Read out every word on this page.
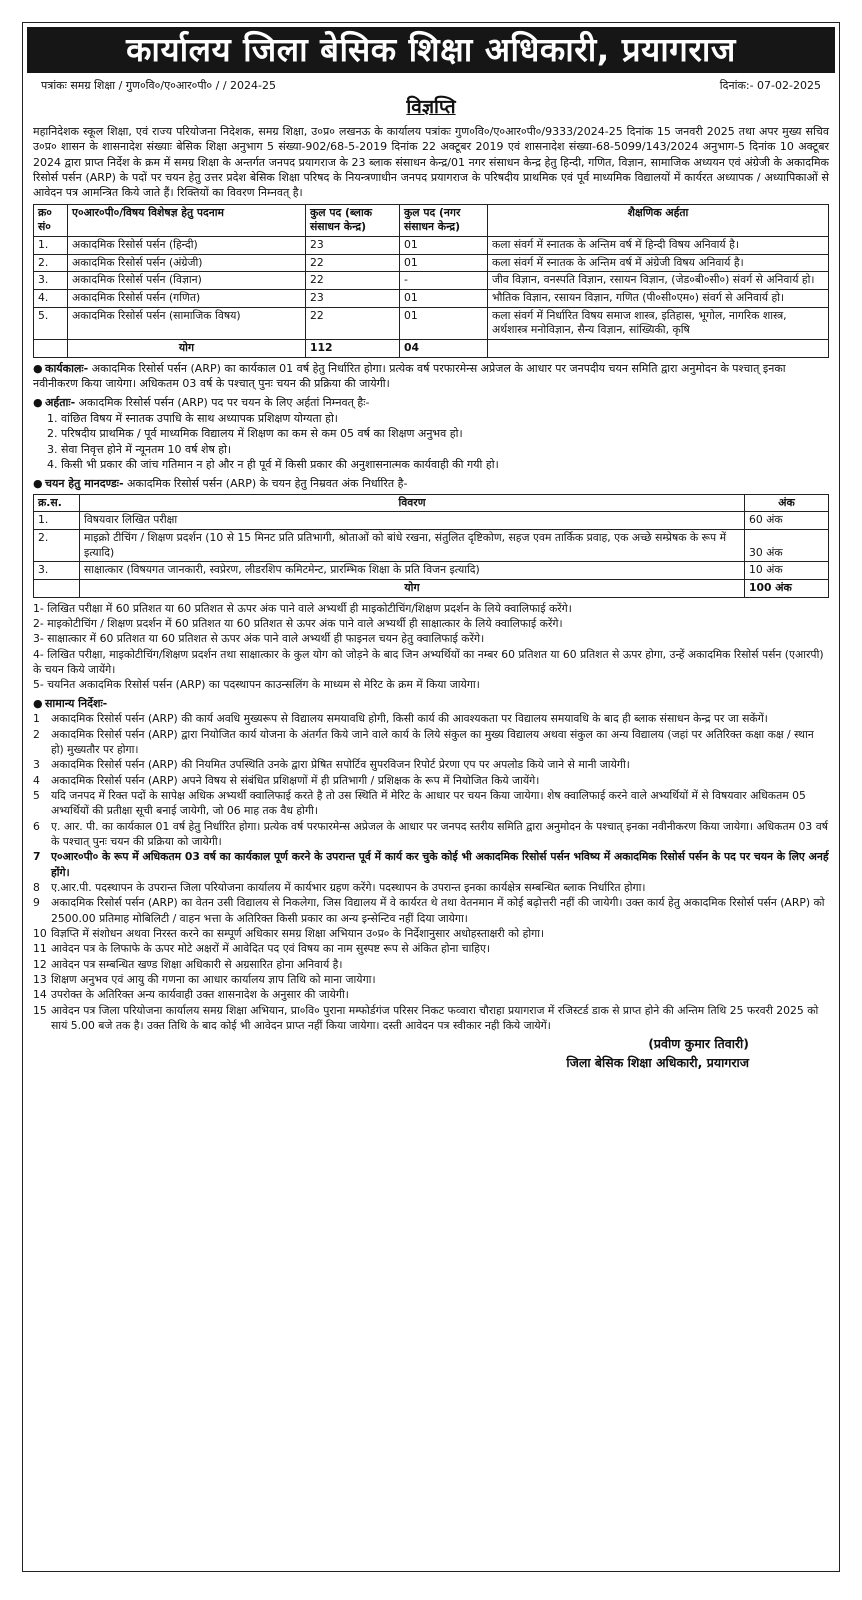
कार्यालय जिला बेसिक शिक्षा अधिकारी, प्रयागराज
पत्रांकः समग्र शिक्षा / गुण०वि०/ए०आर०पी० / / 2024-25	दिनांक:- 07-02-2025
विज्ञप्ति

महानिदेशक स्कूल शिक्षा, एवं राज्य परियोजना निदेशक, समग्र शिक्षा, उ०प्र० लखनऊ के कार्यालय पत्रांकः गुण०वि०/ए०आर०पी०/9333/2024-25 दिनांक 15 जनवरी 2025 तथा अपर मुख्य सचिव उ०प्र० शासन के शासनादेश संख्याः बेसिक शिक्षा अनुभाग 5 संख्या-902/68-5-2019 दिनांक 22 अक्टूबर 2019 एवं शासनादेश संख्या-68-5099/143/2024 अनुभाग-5 दिनांक 10 अक्टूबर 2024 द्वारा प्राप्त निर्देश के क्रम में समग्र शिक्षा के अन्तर्गत जनपद प्रयागराज के 23 ब्लाक संसाधन केन्द्र/01 नगर संसाधन केन्द्र हेतु हिन्दी, गणित, विज्ञान, सामाजिक अध्ययन एवं अंग्रेजी के अकादमिक रिसोर्स पर्सन (ARP) के पदों पर चयन हेतु उत्तर प्रदेश बेसिक शिक्षा परिषद के नियन्त्रणाधीन जनपद प्रयागराज के परिषदीय प्राथमिक एवं पूर्व माध्यमिक विद्यालयों में कार्यरत अध्यापक / अध्यापिकाओं से आवेदन पत्र आमन्त्रित किये जाते हैं। रिक्तियों का विवरण निम्नवत् है।

क्र० सं०	ए०आर०पी०/विषय विशेषज्ञ हेतु पदनाम	कुल पद (ब्लाक संसाधन केन्द्र)	कुल पद (नगर संसाधन केन्द्र)	शैक्षणिक अर्हता
1.	अकादमिक रिसोर्स पर्सन (हिन्दी)	23	01	कला संवर्ग में स्नातक के अन्तिम वर्ष में हिन्दी विषय अनिवार्य है।
2.	अकादमिक रिसोर्स पर्सन (अंग्रेजी)	22	01	कला संवर्ग में स्नातक के अन्तिम वर्ष में अंग्रेजी विषय अनिवार्य है।
3.	अकादमिक रिसोर्स पर्सन (विज्ञान)	22	-	जीव विज्ञान, वनस्पति विज्ञान, रसायन विज्ञान, (जेड०बी०सी०) संवर्ग से अनिवार्य हो।
4.	अकादमिक रिसोर्स पर्सन (गणित)	23	01	भौतिक विज्ञान, रसायन विज्ञान, गणित (पी०सी०एम०) संवर्ग से अनिवार्य हो।
5.	अकादमिक रिसोर्स पर्सन (सामाजिक विषय)	22	01	कला संवर्ग में निर्धारित विषय समाज शास्त्र, इतिहास, भूगोल, नागरिक शास्त्र, अर्थशास्त्र मनोविज्ञान, सैन्य विज्ञान, सांख्यिकी, कृषि
	योग	112	04	
● कार्यकालः- अकादमिक रिसोर्स पर्सन (ARP) का कार्यकाल 01 वर्ष हेतु निर्धारित होगा। प्रत्येक वर्ष परफारमेन्स अप्रेजल के आधार पर जनपदीय चयन समिति द्वारा अनुमोदन के पश्चात् इनका नवीनीकरण किया जायेगा। अधिकतम 03 वर्ष के पश्चात् पुनः चयन की प्रक्रिया की जायेगी।
● अर्हताः- अकादमिक रिसोर्स पर्सन (ARP) पद पर चयन के लिए अर्हतां निम्नवत् हैः-
1. वांछित विषय में स्नातक उपाधि के साथ अध्यापक प्रशिक्षण योग्यता हो।
2. परिषदीय प्राथमिक / पूर्व माध्यमिक विद्यालय में शिक्षण का कम से कम 05 वर्ष का शिक्षण अनुभव हो।
3. सेवा निवृत्त होने में न्यूनतम 10 वर्ष शेष हो।
4. किसी भी प्रकार की जांच गतिमान न हो और न ही पूर्व में किसी प्रकार की अनुशासनात्मक कार्यवाही की गयी हो।
● चयन हेतु मानदण्डः- अकादमिक रिसोर्स पर्सन (ARP) के चयन हेतु निम्रवत अंक निर्धारित है-
क्र.स.	विवरण	अंक
1.	विषयवार लिखित परीक्षा	60 अंक
2.	माइक्रो टीचिंग / शिक्षण प्रदर्शन (10 से 15 मिनट प्रति प्रतिभागी, श्रोताओं को बांधे रखना, संतुलित दृष्टिकोण, सहज एवम तार्किक प्रवाह, एक अच्छे सम्प्रेषक के रूप में इत्यादि)	30 अंक
3.	साक्षात्कार (विषयगत जानकारी, स्वप्रेरण, लीडरशिप कमिटमेन्ट, प्रारम्भिक शिक्षा के प्रति विजन इत्यादि)	10 अंक
	योग	100 अंक
1- लिखित परीक्षा में 60 प्रतिशत या 60 प्रतिशत से ऊपर अंक पाने वाले अभ्यर्थी ही माइकोटीचिंग/शिक्षण प्रदर्शन के लिये क्वालिफाई करेंगे।
2- माइकोटीचिंग / शिक्षण प्रदर्शन में 60 प्रतिशत या 60 प्रतिशत से ऊपर अंक पाने वाले अभ्यर्थी ही साक्षात्कार के लिये क्वालिफाई करेंगे।
3- साक्षात्कार में 60 प्रतिशत या 60 प्रतिशत से ऊपर अंक पाने वाले अभ्यर्थी ही फाइनल चयन हेतु क्वालिफाई करेंगे।
4- लिखित परीक्षा, माइकोटीचिंग/शिक्षण प्रदर्शन तथा साक्षात्कार के कुल योग को जोड़ने के बाद जिन अभ्यर्थियों का नम्बर 60 प्रतिशत या 60 प्रतिशत से ऊपर होगा, उन्हें अकादमिक रिसोर्स पर्सन (एआरपी) के चयन किये जायेंगे।
5- चयनित अकादमिक रिसोर्स पर्सन (ARP) का पदस्थापन काउन्सलिंग के माध्यम से मेरिट के क्रम में किया जायेगा।
● सामान्य निर्देशः-
1	अकादमिक रिसोर्स पर्सन (ARP) की कार्य अवधि मुख्यरूप से विद्यालय समयावधि होगी, किसी कार्य की आवश्यकता पर विद्यालय समयावधि के बाद ही ब्लाक संसाधन केन्द्र पर जा सकेंगें।
2	अकादमिक रिसोर्स पर्सन (ARP) द्वारा नियोजित कार्य योजना के अंतर्गत किये जाने वाले कार्य के लिये संकुल का मुख्य विद्यालय अथवा संकुल का अन्य विद्यालय (जहां पर अतिरिक्त कक्षा कक्ष / स्थान हो) मुख्यतौर पर होगा।
3	अकादमिक रिसोर्स पर्सन (ARP) की नियमित उपस्थिति उनके द्वारा प्रेषित सपोर्टिव सुपरविजन रिपोर्ट प्रेरणा एप पर अपलोड किये जाने से मानी जायेगी।
4	अकादमिक रिसोर्स पर्सन (ARP) अपने विषय से संबंधित प्रशिक्षणों में ही प्रतिभागी / प्रशिक्षक के रूप में नियोजित किये जायेंगे।
5	यदि जनपद में रिक्त पदों के सापेक्ष अधिक अभ्यर्थी क्वालिफाई करते है तो उस स्थिति में मेरिट के आधार पर चयन किया जायेगा। शेष क्वालिफाई करने वाले अभ्यर्थियों में से विषयवार अधिकतम 05 अभ्यर्थियों की प्रतीक्षा सूची बनाई जायेगी, जो 06 माह तक वैध होगी।
6	ए. आर. पी. का कार्यकाल 01 वर्ष हेतु निर्धारित होगा। प्रत्येक वर्ष परफारमेन्स अप्रेजल के आधार पर जनपद स्तरीय समिति द्वारा अनुमोदन के पश्चात् इनका नवीनीकरण किया जायेगा। अधिकतम 03 वर्ष के पश्चात् पुनः चयन की प्रक्रिया को जायेगी।
7 ए०आर०पी० के रूप में अधिकतम 03 वर्ष का कार्यकाल पूर्ण करने के उपरान्त पूर्व में कार्य कर चुके कोई भी अकादमिक रिसोर्स पर्सन भविष्य में अकादमिक रिसोर्स पर्सन के पद पर चयन के लिए अनर्ह होंगे।
8	ए.आर.पी. पदस्थापन के उपरान्त जिला परियोजना कार्यालय में कार्यभार ग्रहण करेंगे। पदस्थापन के उपरान्त इनका कार्यक्षेत्र सम्बन्धित ब्लाक निर्धारित होगा।
9	अकादमिक रिसोर्स पर्सन (ARP) का वेतन उसी विद्यालय से निकलेगा, जिस विद्यालय में वे कार्यरत थे तथा वेतनमान में कोई बढ़ोत्तरी नहीं की जायेगी। उक्त कार्य हेतु अकादमिक रिसोर्स पर्सन (ARP) को 2500.00 प्रतिमाह मोबिलिटी / वाहन भत्ता के अतिरिक्त किसी प्रकार का अन्य इन्सेन्टिव नहीं दिया जायेगा।
10 विज्ञप्ति में संशोधन अथवा निरस्त करने का सम्पूर्ण अधिकार समग्र शिक्षा अभियान उ०प्र० के निर्देशानुसार अधोहस्ताक्षरी को होगा।
11 आवेदन पत्र के लिफाफे के ऊपर मोटे अक्षरों में आवेदित पद एवं विषय का नाम सुस्पष्ट रूप से अंकित होना चाहिए।
12 आवेदन पत्र सम्बन्धित खण्ड शिक्षा अधिकारी से अग्रसारित होना अनिवार्य है।
13 शिक्षण अनुभव एवं आयु की गणना का आधार कार्यालय ज्ञाप तिथि को माना जायेगा।
14 उपरोक्त के अतिरिक्त अन्य कार्यवाही उक्त शासनादेश के अनुसार की जायेगी।
15 आवेदन पत्र जिला परियोजना कार्यालय समग्र शिक्षा अभियान, प्रा०वि० पुराना मम्फोर्डगंज परिसर निकट फव्वारा चौराहा प्रयागराज में रजिस्टर्ड डाक से प्राप्त होने की अन्तिम तिथि 25 फरवरी 2025 को सायं 5.00 बजे तक है। उक्त तिथि के बाद कोई भी आवेदन प्राप्त नहीं किया जायेगा। दस्ती आवेदन पत्र स्वीकार नही किये जायेगें।
(प्रवीण कुमार तिवारी)
जिला बेसिक शिक्षा अधिकारी, प्रयागराज
